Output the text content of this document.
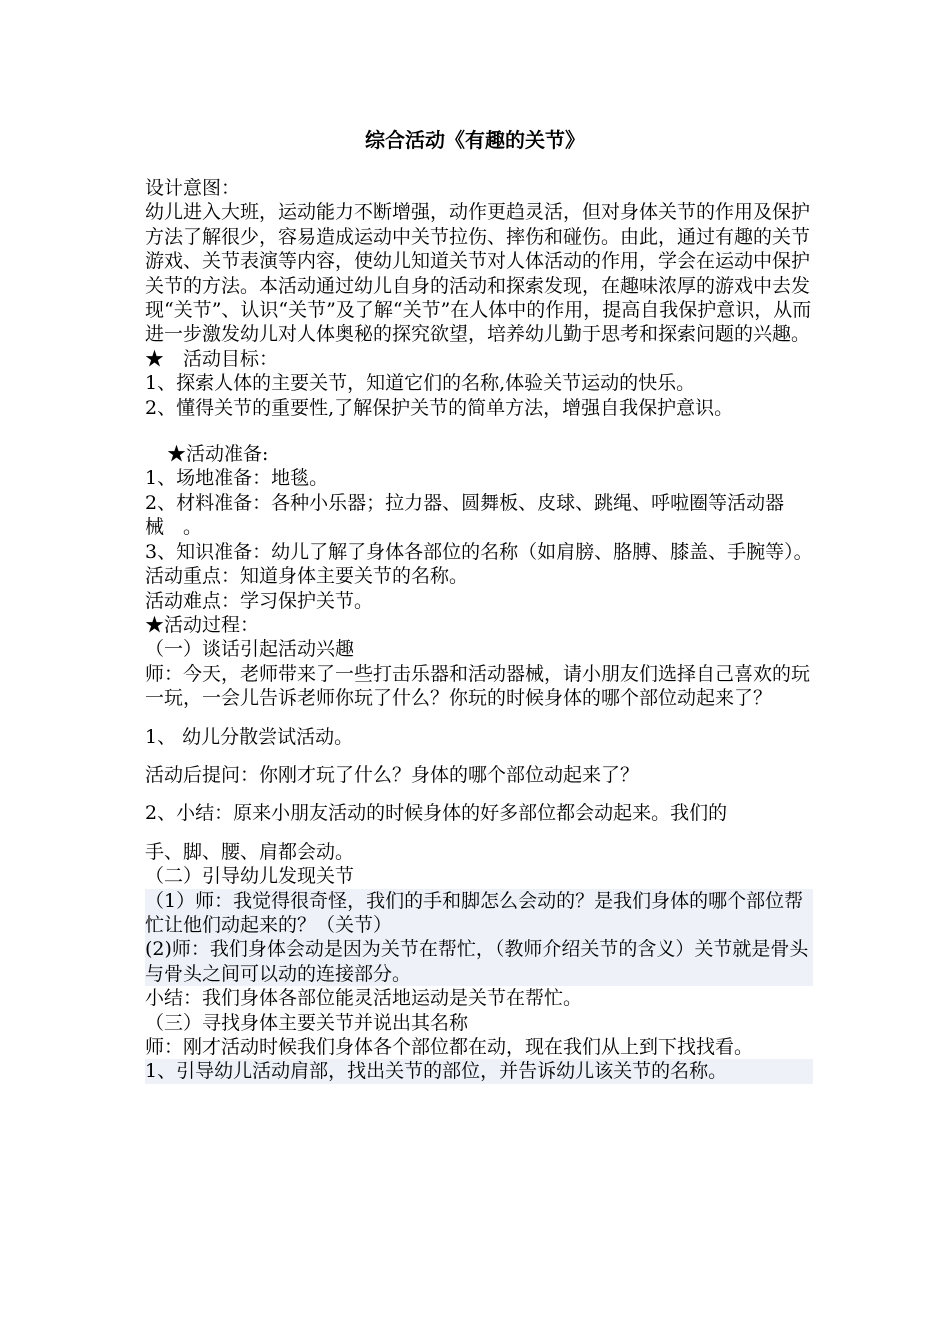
综合活动《有趣的关节》

设计意图：

幼儿进入大班，运动能力不断增强，动作更趋灵活，但对身体关节的作用及保护方法了解很少，容易造成运动中关节拉伤、摔伤和碰伤。由此，通过有趣的关节游戏、关节表演等内容，使幼儿知道关节对人体活动的作用，学会在运动中保护关节的方法。本活动通过幼儿自身的活动和探索发现，在趣味浓厚的游戏中去发现“关节”、认识“关节”及了解“关节”在人体中的作用，提高自我保护意识，从而进一步激发幼儿对人体奥秘的探究欲望，培养幼儿勤于思考和探索问题的兴趣。

★　活动目标：

1、探索人体的主要关节，知道它们的名称,体验关节运动的快乐。

2、懂得关节的重要性,了解保护关节的简单方法，增强自我保护意识。

★活动准备:

1、场地准备：地毯。

2、材料准备：各种小乐器；拉力器、圆舞板、皮球、跳绳、呼啦圈等活动器械　。

3、知识准备：幼儿了解了身体各部位的名称（如肩膀、胳膊、膝盖、手腕等）。

活动重点：知道身体主要关节的名称。

活动难点：学习保护关节。

★活动过程：

（一）谈话引起活动兴趣

师：今天，老师带来了一些打击乐器和活动器械，请小朋友们选择自己喜欢的玩一玩，一会儿告诉老师你玩了什么？你玩的时候身体的哪个部位动起来了？

1、 幼儿分散尝试活动。

活动后提问：你刚才玩了什么？身体的哪个部位动起来了？

2、小结：原来小朋友活动的时候身体的好多部位都会动起来。我们的

手、脚、腰、肩都会动。

（二）引导幼儿发现关节

（1）师：我觉得很奇怪，我们的手和脚怎么会动的？是我们身体的哪个部位帮忙让他们动起来的？（关节）

(2)师：我们身体会动是因为关节在帮忙，（教师介绍关节的含义）关节就是骨头与骨头之间可以动的连接部分。

小结：我们身体各部位能灵活地运动是关节在帮忙。

（三）寻找身体主要关节并说出其名称

师：刚才活动时候我们身体各个部位都在动，现在我们从上到下找找看。

1、引导幼儿活动肩部，找出关节的部位，并告诉幼儿该关节的名称。
